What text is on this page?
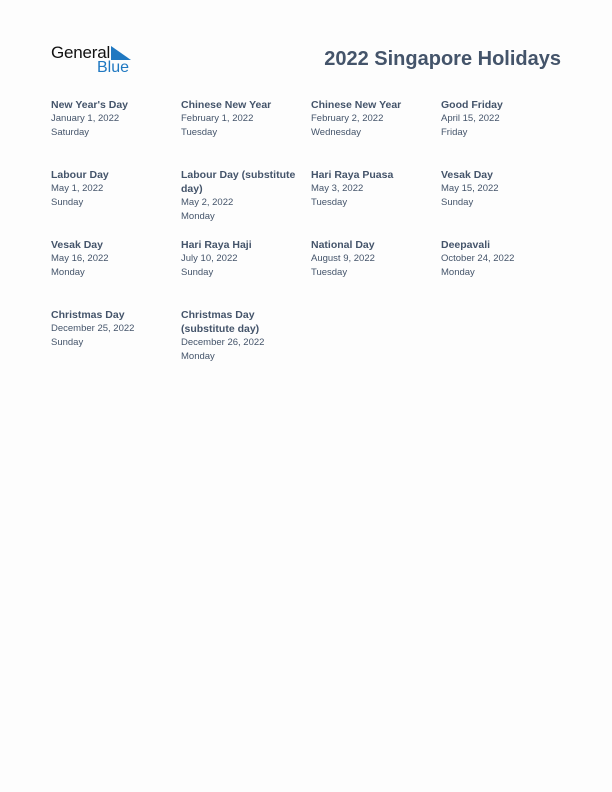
General
Blue	2022 Singapore Holidays
New Year's Day
January 1, 2022
Saturday
Chinese New Year
February 1, 2022
Tuesday
Chinese New Year
February 2, 2022
Wednesday
Good Friday
April 15, 2022
Friday
Labour Day
May 1, 2022
Sunday
Labour Day (substitute day)
May 2, 2022
Monday
Hari Raya Puasa
May 3, 2022
Tuesday
Vesak Day
May 15, 2022
Sunday
Vesak Day
May 16, 2022
Monday
Hari Raya Haji
July 10, 2022
Sunday
National Day
August 9, 2022
Tuesday
Deepavali
October 24, 2022
Monday
Christmas Day
December 25, 2022
Sunday
Christmas Day (substitute day)
December 26, 2022
Monday
